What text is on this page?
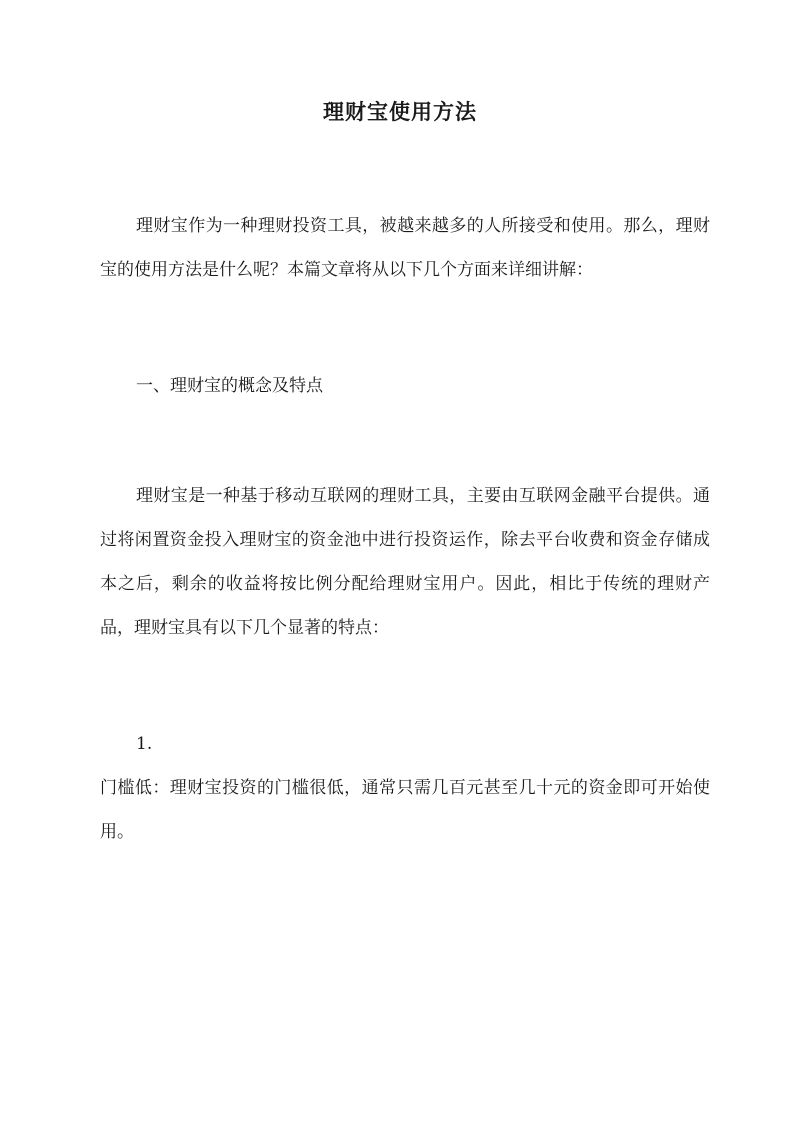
理财宝使用方法

理财宝作为一种理财投资工具，被越来越多的人所接受和使用。那么，理财宝的使用方法是什么呢？本篇文章将从以下几个方面来详细讲解：

一、理财宝的概念及特点

理财宝是一种基于移动互联网的理财工具，主要由互联网金融平台提供。通过将闲置资金投入理财宝的资金池中进行投资运作，除去平台收费和资金存储成本之后，剩余的收益将按比例分配给理财宝用户。因此，相比于传统的理财产品，理财宝具有以下几个显著的特点：

1.

门槛低：理财宝投资的门槛很低，通常只需几百元甚至几十元的资金即可开始使用。
